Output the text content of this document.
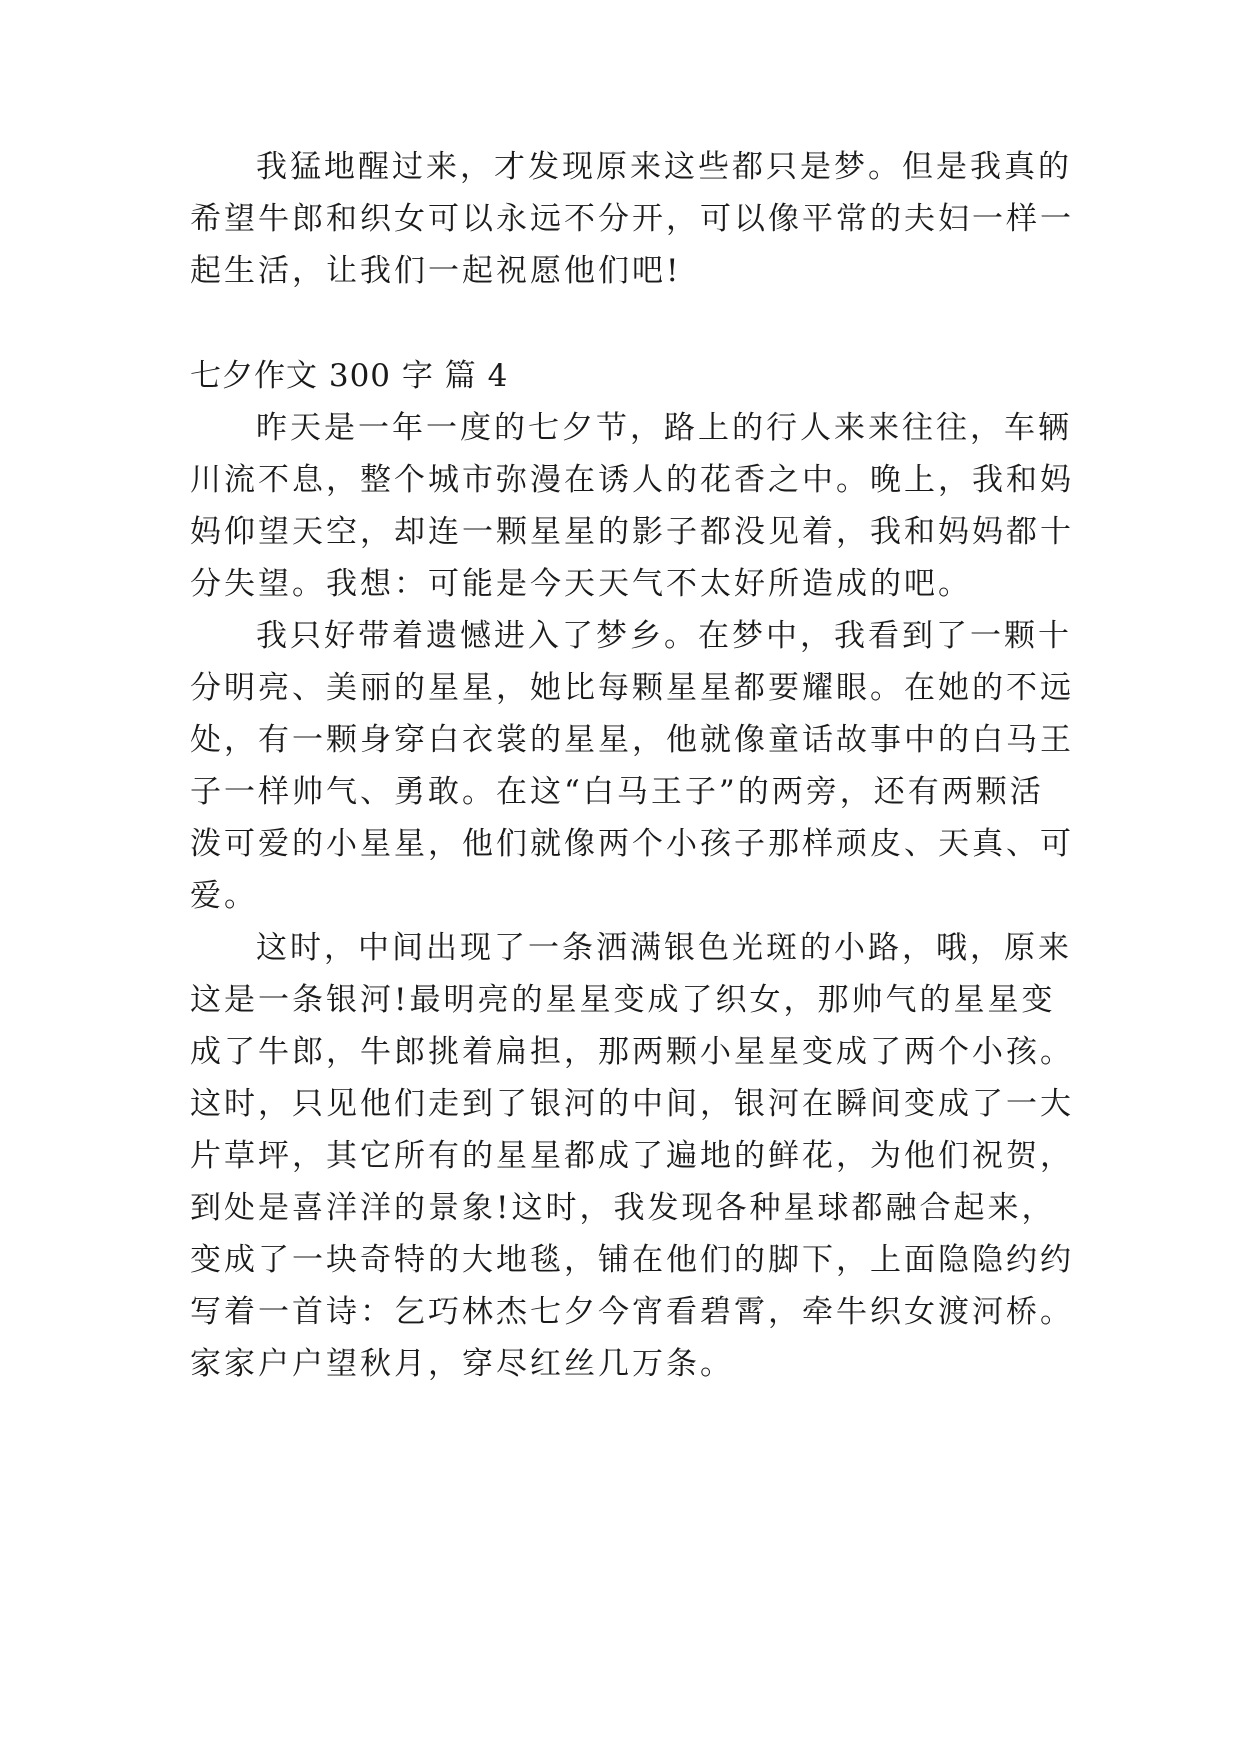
我猛地醒过来，才发现原来这些都只是梦。但是我真的
希望牛郎和织女可以永远不分开，可以像平常的夫妇一样一
起生活，让我们一起祝愿他们吧!
七夕作文 300 字 篇 4
昨天是一年一度的七夕节，路上的行人来来往往，车辆
川流不息，整个城市弥漫在诱人的花香之中。晚上，我和妈
妈仰望天空，却连一颗星星的影子都没见着，我和妈妈都十
分失望。我想：可能是今天天气不太好所造成的吧。
我只好带着遗憾进入了梦乡。在梦中，我看到了一颗十
分明亮、美丽的星星，她比每颗星星都要耀眼。在她的不远
处，有一颗身穿白衣裳的星星，他就像童话故事中的白马王
子一样帅气、勇敢。在这“白马王子”的两旁，还有两颗活
泼可爱的小星星，他们就像两个小孩子那样顽皮、天真、可
爱。
这时，中间出现了一条洒满银色光斑的小路，哦，原来
这是一条银河!最明亮的星星变成了织女，那帅气的星星变
成了牛郎，牛郎挑着扁担，那两颗小星星变成了两个小孩。
这时，只见他们走到了银河的中间，银河在瞬间变成了一大
片草坪，其它所有的星星都成了遍地的鲜花，为他们祝贺，
到处是喜洋洋的景象!这时，我发现各种星球都融合起来，
变成了一块奇特的大地毯，铺在他们的脚下，上面隐隐约约
写着一首诗：乞巧林杰七夕今宵看碧霄，牵牛织女渡河桥。
家家户户望秋月，穿尽红丝几万条。
